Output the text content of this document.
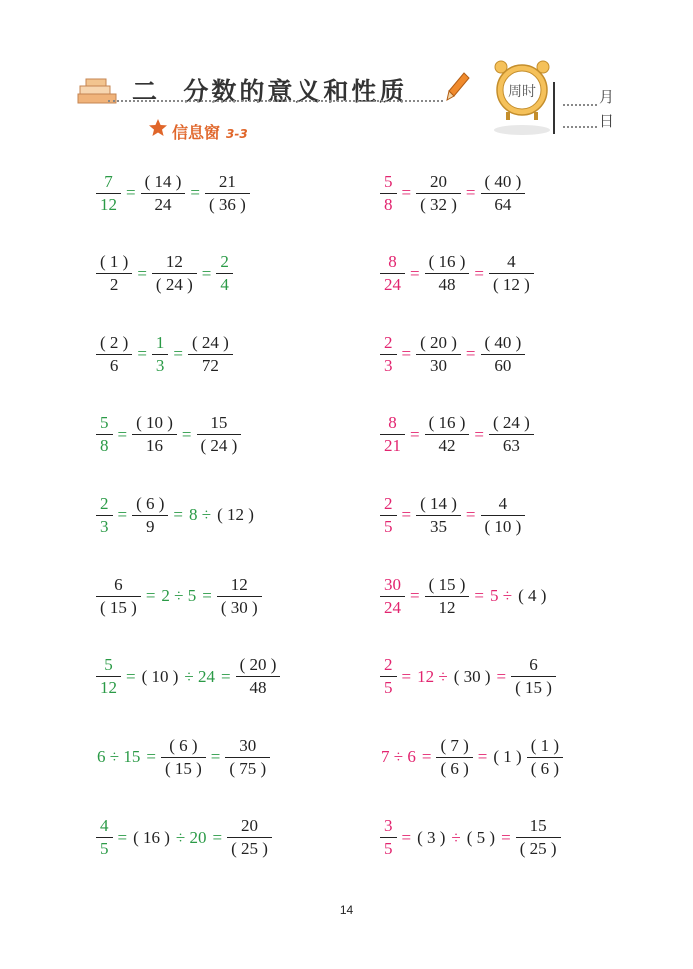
二  分数的意义和性质
信息窗 3-3
周时	月
日
$\frac{7}{12} = \frac{( 14 )}{24} = \frac{21}{( 36 )}$	$\frac{5}{8} = \frac{20}{( 32 )} = \frac{( 40 )}{64}$
$\frac{( 1 )}{2} = \frac{12}{( 24 )} = \frac{2}{4}$	$\frac{8}{24} = \frac{( 16 )}{48} = \frac{4}{( 12 )}$
$\frac{( 2 )}{6} = \frac{1}{3} = \frac{( 24 )}{72}$	$\frac{2}{3} = \frac{( 20 )}{30} = \frac{( 40 )}{60}$
$\frac{5}{8} = \frac{( 10 )}{16} = \frac{15}{( 24 )}$	$\frac{8}{21} = \frac{( 16 )}{42} = \frac{( 24 )}{63}$
$\frac{2}{3} = \frac{( 6 )}{9} = 8$ ÷ ( 12 )	$\frac{2}{5} = \frac{( 14 )}{35} = \frac{4}{( 10 )}$
$\frac{6}{( 15 )} = 2 \div 5 = \frac{12}{( 30 )}$	$\frac{30}{24} = \frac{( 15 )}{12} = 5$ ÷ ( 4 )
$\frac{5}{12}$ = ( 10 ) ÷ $24 = \frac{( 20 )}{48}$	$\frac{2}{5} = 12$ ÷ ( 30 ) = $\frac{6}{( 15 )}$
$6 \div 15 = \frac{( 6 )}{( 15 )} = \frac{30}{( 75 )}$	$7 \div 6 = \frac{( 7 )}{( 6 )}$ = ( 1 ) $\frac{( 1 )}{( 6 )}$
$\frac{4}{5}$ = ( 16 ) ÷ $20 = \frac{20}{( 25 )}$	$\frac{3}{5}$ = ( 3 ) ÷ ( 5 ) = $\frac{15}{( 25 )}$
14
